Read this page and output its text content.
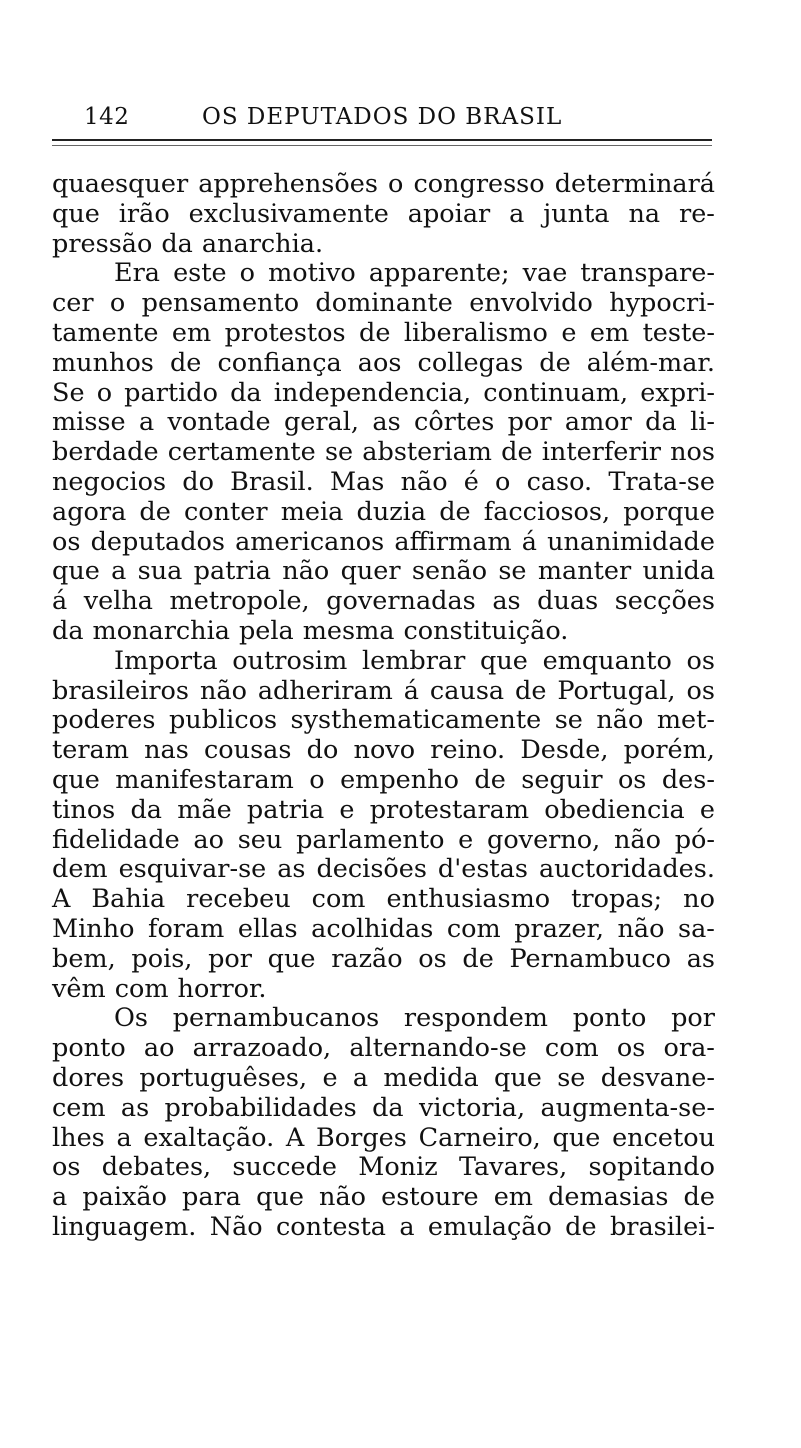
142	OS DEPUTADOS DO BRASIL
quaesquer apprehensões o congresso determinará
que irão exclusivamente apoiar a junta na re-
pressão da anarchia.
Era este o motivo apparente; vae transpare-
cer o pensamento dominante envolvido hypocri-
tamente em protestos de liberalismo e em teste-
munhos de confiança aos collegas de além-mar.
Se o partido da independencia, continuam, expri-
misse a vontade geral, as côrtes por amor da li-
berdade certamente se absteriam de interferir nos
negocios do Brasil. Mas não é o caso. Trata-se
agora de conter meia duzia de facciosos, porque
os deputados americanos affirmam á unanimidade
que a sua patria não quer senão se manter unida
á velha metropole, governadas as duas secções
da monarchia pela mesma constituição.
Importa outrosim lembrar que emquanto os
brasileiros não adheriram á causa de Portugal, os
poderes publicos systhematicamente se não met-
teram nas cousas do novo reino. Desde, porém,
que manifestaram o empenho de seguir os des-
tinos da mãe patria e protestaram obediencia e
fidelidade ao seu parlamento e governo, não pó-
dem esquivar-se as decisões d'estas auctoridades.
A Bahia recebeu com enthusiasmo tropas; no
Minho foram ellas acolhidas com prazer, não sa-
bem, pois, por que razão os de Pernambuco as
vêm com horror.
Os pernambucanos respondem ponto por
ponto ao arrazoado, alternando-se com os ora-
dores portuguêses, e a medida que se desvane-
cem as probabilidades da victoria, augmenta-se-
lhes a exaltação. A Borges Carneiro, que encetou
os debates, succede Moniz Tavares, sopitando
a paixão para que não estoure em demasias de
linguagem. Não contesta a emulação de brasilei-
